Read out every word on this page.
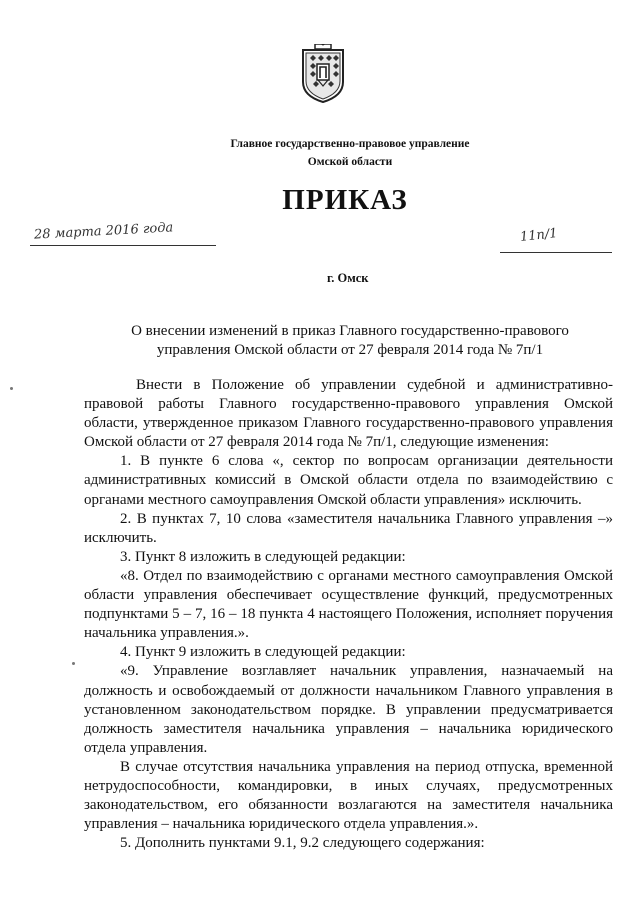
Главное государственно-правовое управление
Омской области
ПРИКАЗ
28 марта 2016 года	11п/1
г. Омск
О внесении изменений в приказ Главного государственно-правового
управления Омской области от 27 февраля 2014 года № 7п/1

Внести в Положение об управлении судебной и административно-правовой работы Главного государственно-правового управления Омской области, утвержденное приказом Главного государственно-правового управления Омской области от 27 февраля 2014 года № 7п/1, следующие изменения:

1. В пункте 6 слова «, сектор по вопросам организации деятельности административных комиссий в Омской области отдела по взаимодействию с органами местного самоуправления Омской области управления» исключить.

2. В пунктах 7, 10 слова «заместителя начальника Главного управления –» исключить.

3. Пункт 8 изложить в следующей редакции:

«8. Отдел по взаимодействию с органами местного самоуправления Омской области управления обеспечивает осуществление функций, предусмотренных подпунктами 5 – 7, 16 – 18 пункта 4 настоящего Положения, исполняет поручения начальника управления.».

4. Пункт 9 изложить в следующей редакции:

«9. Управление возглавляет начальник управления, назначаемый на должность и освобождаемый от должности начальником Главного управления в установленном законодательством порядке. В управлении предусматривается должность заместителя начальника управления – начальника юридического отдела управления.

В случае отсутствия начальника управления на период отпуска, временной нетрудоспособности, командировки, в иных случаях, предусмотренных законодательством, его обязанности возлагаются на заместителя начальника управления – начальника юридического отдела управления.».

5. Дополнить пунктами 9.1, 9.2 следующего содержания:
